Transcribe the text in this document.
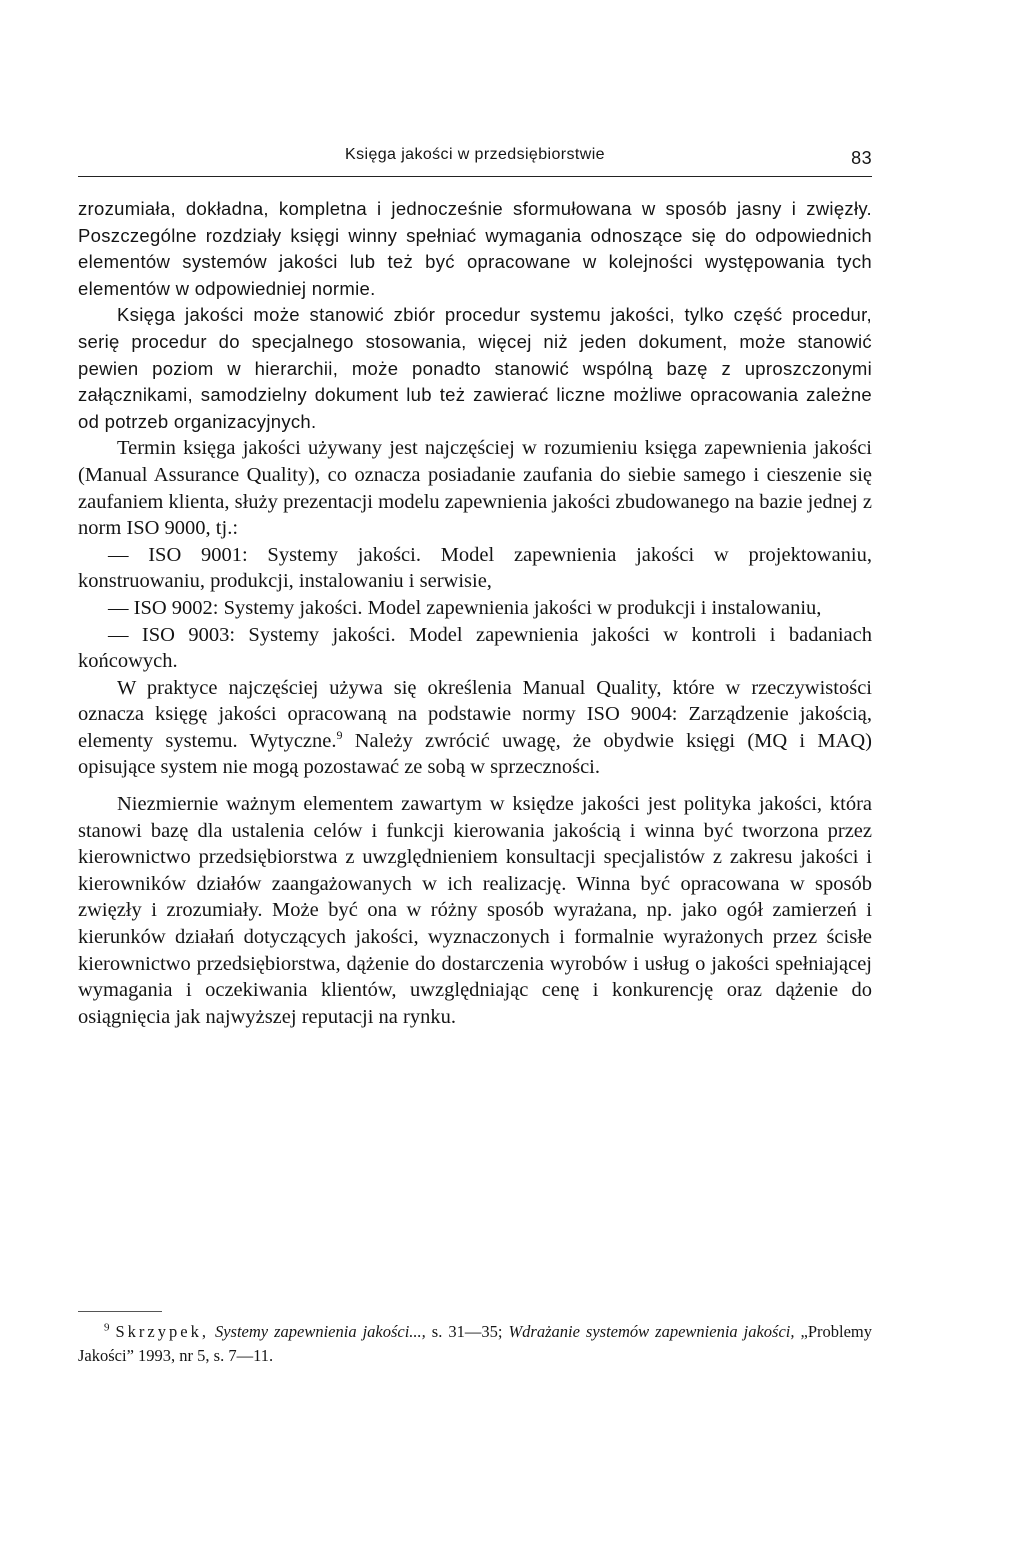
Księga jakości w przedsiębiorstwie	83

zrozumiała, dokładna, kompletna i jednocześnie sformułowana w sposób jasny i zwięzły. Poszczególne rozdziały księgi winny spełniać wymagania odnoszące się do odpowiednich elementów systemów jakości lub też być opracowane w kolejności występowania tych elementów w odpowiedniej normie.

Księga jakości może stanowić zbiór procedur systemu jakości, tylko część procedur, serię procedur do specjalnego stosowania, więcej niż jeden dokument, może stanowić pewien poziom w hierarchii, może ponadto stanowić wspólną bazę z uproszczonymi załącznikami, samodzielny dokument lub też zawierać liczne możliwe opracowania zależne od potrzeb organizacyjnych.

Termin księga jakości używany jest najczęściej w rozumieniu księga zapewnienia jakości (Manual Assurance Quality), co oznacza posiadanie zaufania do siebie samego i cieszenie się zaufaniem klienta, służy prezentacji modelu zapewnienia jakości zbudowanego na bazie jednej z norm ISO 9000, tj.:

— ISO 9001: Systemy jakości. Model zapewnienia jakości w projektowaniu, konstruowaniu, produkcji, instalowaniu i serwisie,

— ISO 9002: Systemy jakości. Model zapewnienia jakości w produkcji i instalowaniu,

— ISO 9003: Systemy jakości. Model zapewnienia jakości w kontroli i badaniach końcowych.

W praktyce najczęściej używa się określenia Manual Quality, które w rzeczywistości oznacza księgę jakości opracowaną na podstawie normy ISO 9004: Zarządzenie jakością, elementy systemu. Wytyczne.$^9$ Należy zwrócić uwagę, że obydwie księgi (MQ i MAQ) opisujące system nie mogą pozostawać ze sobą w sprzeczności.

Niezmiernie ważnym elementem zawartym w księdze jakości jest polityka jakości, która stanowi bazę dla ustalenia celów i funkcji kierowania jakością i winna być tworzona przez kierownictwo przedsiębiorstwa z uwzględnieniem konsultacji specjalistów z zakresu jakości i kierowników działów zaangażowanych w ich realizację. Winna być opracowana w sposób zwięzły i zrozumiały. Może być ona w różny sposób wyrażana, np. jako ogół zamierzeń i kierunków działań dotyczących jakości, wyznaczonych i formalnie wyrażonych przez ścisłe kierownictwo przedsiębiorstwa, dążenie do dostarczenia wyrobów i usług o jakości spełniającej wymagania i oczekiwania klientów, uwzględniając cenę i konkurencję oraz dążenie do osiągnięcia jak najwyższej reputacji na rynku.

$^9$ Skrzypek, Systemy zapewnienia jakości..., s. 31—35; Wdrażanie systemów zapewnienia jakości, „Problemy Jakości” 1993, nr 5, s. 7—11.
